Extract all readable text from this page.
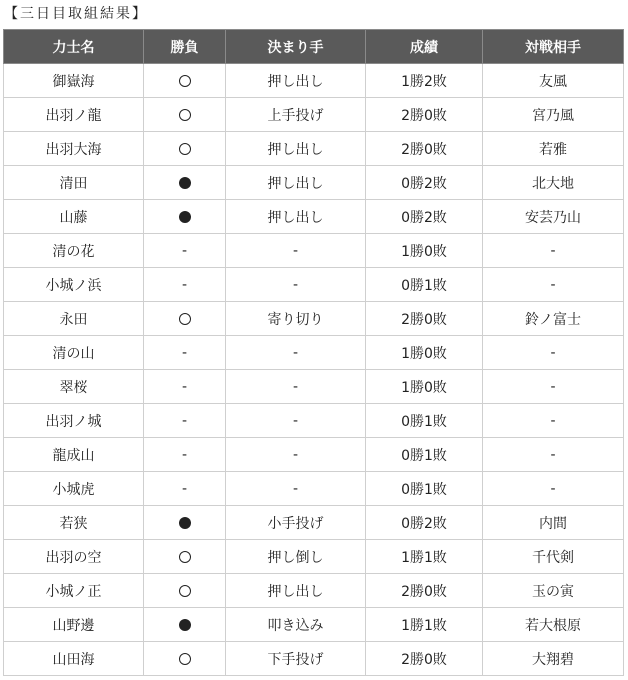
【三日目取組結果】
力士名	勝負	決まり手	成績	対戦相手
御嶽海		押し出し	1勝2敗	友風
出羽ノ龍		上手投げ	2勝0敗	宮乃風
出羽大海		押し出し	2勝0敗	若雅
清田		押し出し	0勝2敗	北大地
山藤		押し出し	0勝2敗	安芸乃山
清の花	-	-	1勝0敗	-
小城ノ浜	-	-	0勝1敗	-
永田		寄り切り	2勝0敗	鈴ノ富士
清の山	-	-	1勝0敗	-
翠桜	-	-	1勝0敗	-
出羽ノ城	-	-	0勝1敗	-
龍成山	-	-	0勝1敗	-
小城虎	-	-	0勝1敗	-
若狭		小手投げ	0勝2敗	内間
出羽の空		押し倒し	1勝1敗	千代剣
小城ノ正		押し出し	2勝0敗	玉の寅
山野邊		叩き込み	1勝1敗	若大根原
山田海		下手投げ	2勝0敗	大翔碧
